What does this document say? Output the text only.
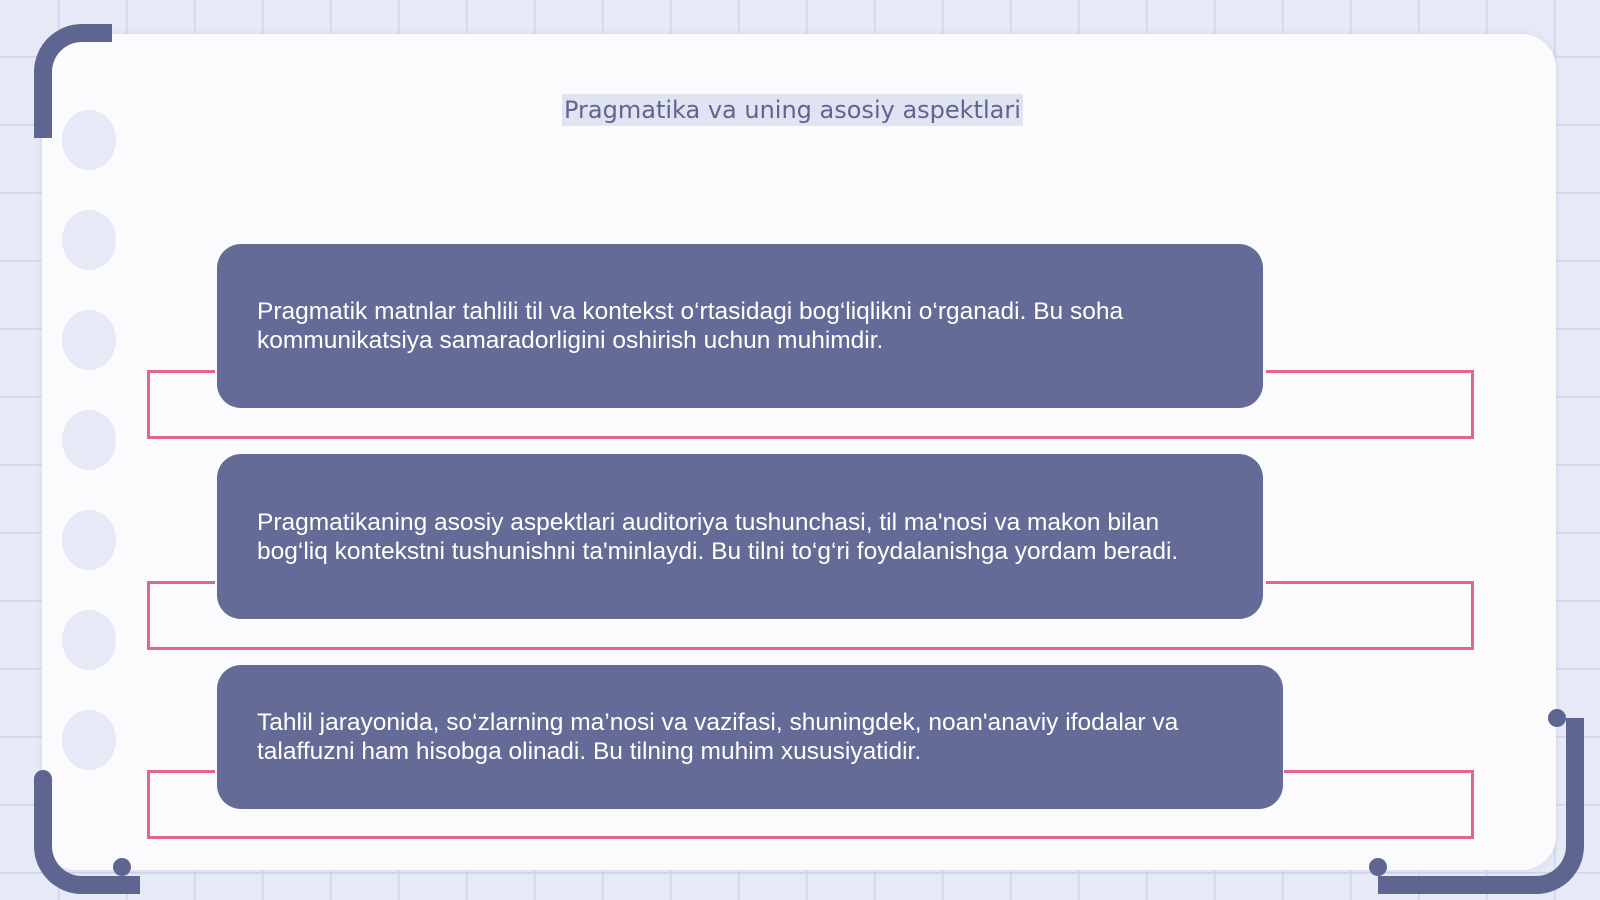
Pragmatika va uning asosiy aspektlari
Pragmatik matnlar tahlili til va kontekst o‘rtasidagi bog‘liqlikni o‘rganadi. Bu soha kommunikatsiya samaradorligini oshirish uchun muhimdir.
Pragmatikaning asosiy aspektlari auditoriya tushunchasi, til ma'nosi va makon bilan bog‘liq kontekstni tushunishni ta'minlaydi. Bu tilni to‘g‘ri foydalanishga yordam beradi.
Tahlil jarayonida, so‘zlarning ma’nosi va vazifasi, shuningdek, noan'anaviy ifodalar va talaffuzni ham hisobga olinadi. Bu tilning muhim xususiyatidir.
